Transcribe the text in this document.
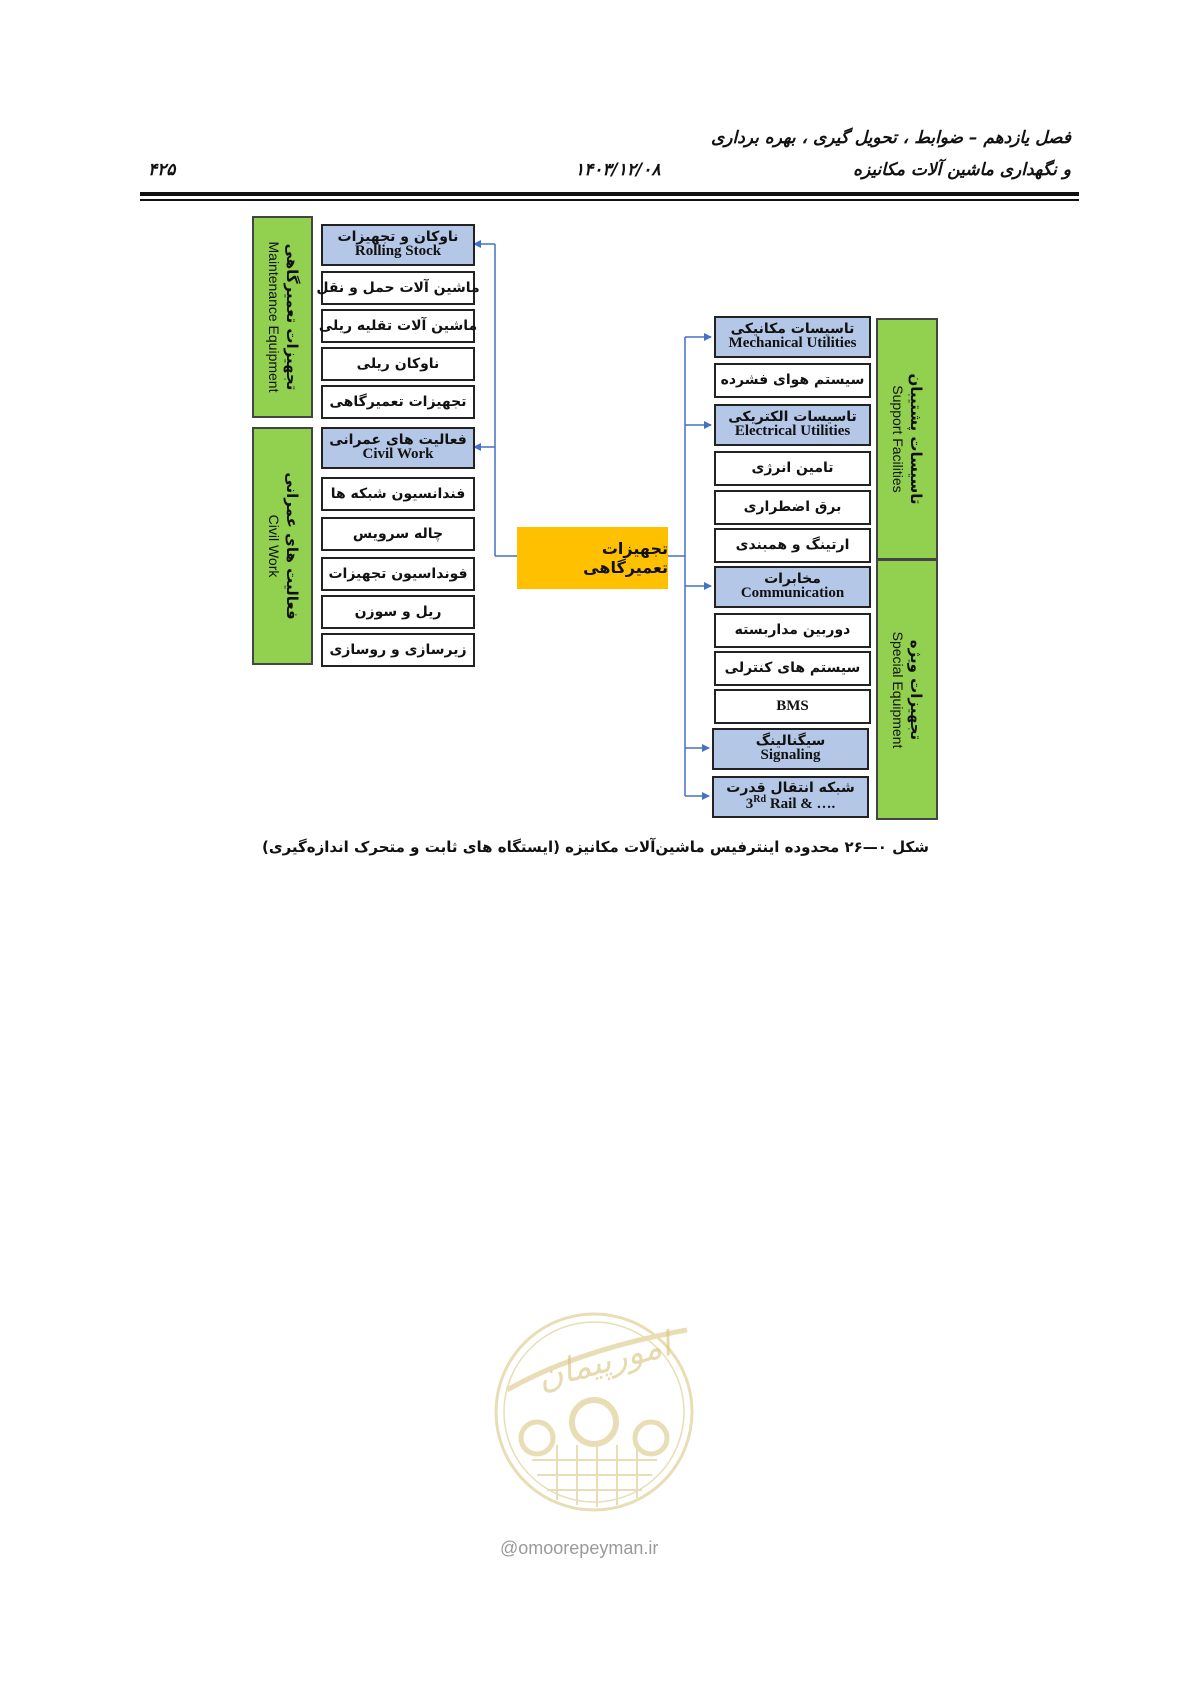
فصل یازدهم – ضوابط ، تحویل گیری ، بهره برداری
و نگهداری ماشین آلات مکانیزه
۱۴۰۳/۱۲/۰۸
۴۲۵
تجهیزات تعمیرگاهی
Maintenance Equipment
فعالیت های عمرانی
Civil Work
ناوکان و تجهیزات
Rolling Stock
ماشین آلات حمل و نقل
ماشین آلات تقلیه ریلی
ناوکان ریلی
تجهیزات تعمیرگاهی
فعالیت های عمرانی
Civil Work
فندانسیون شبکه ها
چاله سرویس
فونداسیون تجهیزات
ریل و سوزن
زیرسازی و روسازی
تجهیزات تعمیرگاهی
تاسیسات مکانیکی
Mechanical Utilities
سیستم هوای فشرده
تاسیسات الکتریکی
Electrical Utilities
تامین انرژی
برق اضطراری
ارتینگ و همبندی
مخابرات
Communication
دوربین مداربسته
سیستم های کنترلی
BMS
سیگنالینگ
Signaling
شبکه انتقال قدرت
3Rd Rail & ….
تاسیسات پشتیبان
Support Facilities
تجهیزات ویژه
Special Equipment
شکل ۰—۲۶ محدوده اینترفیس ماشین‌آلات مکانیزه (ایستگاه های ثابت و متحرک اندازه‌گیری)
امورپیمان
@omoorepeyman.ir
